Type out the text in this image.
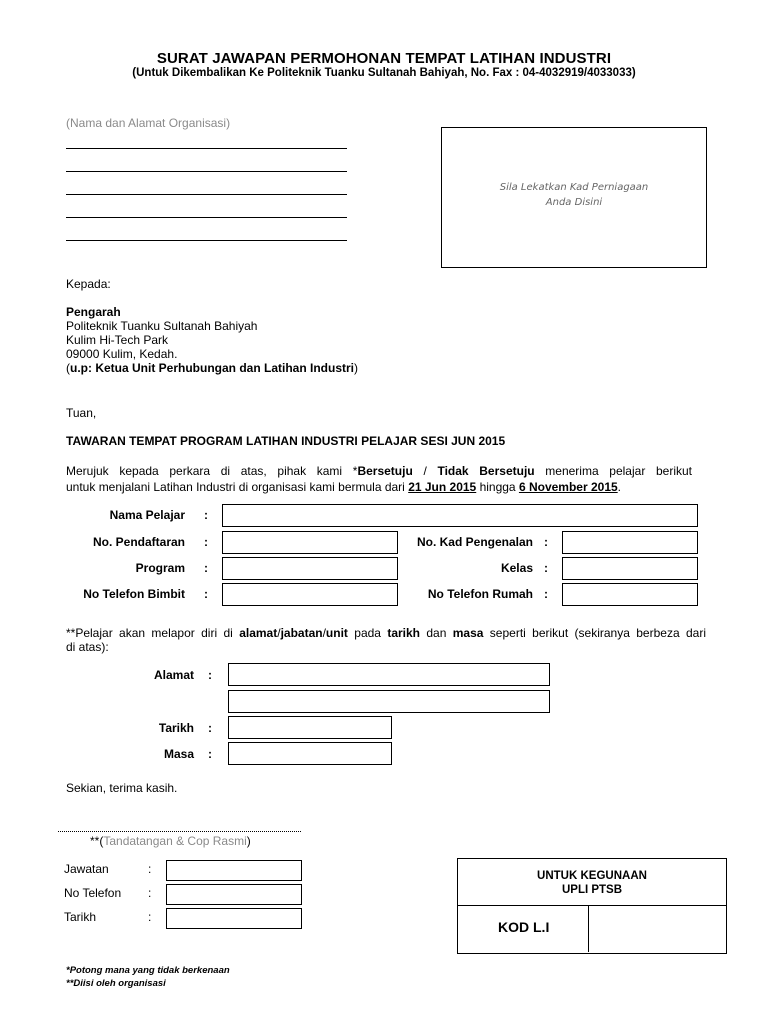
SURAT JAWAPAN PERMOHONAN TEMPAT LATIHAN INDUSTRI
(Untuk Dikembalikan Ke Politeknik Tuanku Sultanah Bahiyah, No. Fax : 04-4032919/4033033)
(Nama dan Alamat Organisasi)
Sila Lekatkan Kad Perniagaan
Anda Disini
Kepada:
Pengarah
Politeknik Tuanku Sultanah Bahiyah
Kulim Hi-Tech Park
09000 Kulim, Kedah.
(u.p: Ketua Unit Perhubungan dan Latihan Industri)
Tuan,
TAWARAN TEMPAT PROGRAM LATIHAN INDUSTRI PELAJAR SESI JUN 2015
Merujuk kepada perkara di atas, pihak kami *Bersetuju / Tidak Bersetuju menerima pelajar berikut
untuk menjalani Latihan Industri di organisasi kami bermula dari 21 Jun 2015 hingga 6 November 2015.
Nama Pelajar :
No. Pendaftaran :	No. Kad Pengenalan :
Program :	Kelas :
No Telefon Bimbit :	No Telefon Rumah :
**Pelajar akan melapor diri di alamat/jabatan/unit pada tarikh dan masa seperti berikut (sekiranya berbeza dari
di atas):
Alamat :
Tarikh :
Masa :
Sekian, terima kasih.
**(Tandatangan & Cop Rasmi)
Jawatan	:
No Telefon :
Tarikh	:
UNTUK KEGUNAAN
UPLI PTSB
KOD L.I
*Potong mana yang tidak berkenaan
**Diisi oleh organisasi
